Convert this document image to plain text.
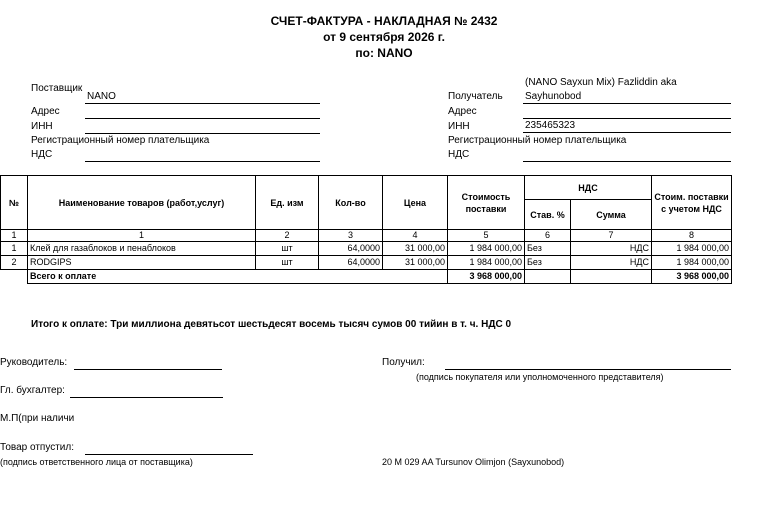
СЧЕТ-ФАКТУРА - НАКЛАДНАЯ № 2432
от 9 сентября 2026 г.
по: NANO
Поставщик
NANO
Адрес
ИНН
Регистрационный номер плательщика
НДС
(NANO Sayxun Mix) Fazliddin aka
Получатель Sayhunobod
Адрес
ИНН	235465323
Регистрационный номер плательщика
НДС
№	Наименование товаров (работ,услуг)	Ед. изм	Кол-во	Цена	Стоимость поставки	НДС		Стоим. поставки с учетом НДС
						Став. %	Сумма	
1	1	2	3	4	5	6	7	8
1	Клей для газаблоков и пенаблоков	шт	64,0000	31 000,00	1 984 000,00	Без	НДС	1 984 000,00
2	RODGIPS	шт	64,0000	31 000,00	1 984 000,00	Без	НДС	1 984 000,00
	Всего к оплате				3 968 000,00			3 968 000,00
Итого к оплате: Три миллиона девятьсот шестьдесят восемь тысяч сумов 00 тийин в т. ч. НДС 0
Руководитель:
Гл. бухгалтер:
М.П(при наличи
Товар отпустил:
(подпись ответственного лица от поставщика)
Получил:
(подпись покупателя или уполномоченного представителя)
20 M 029 AA Tursunov Olimjon (Sayxunobod)
